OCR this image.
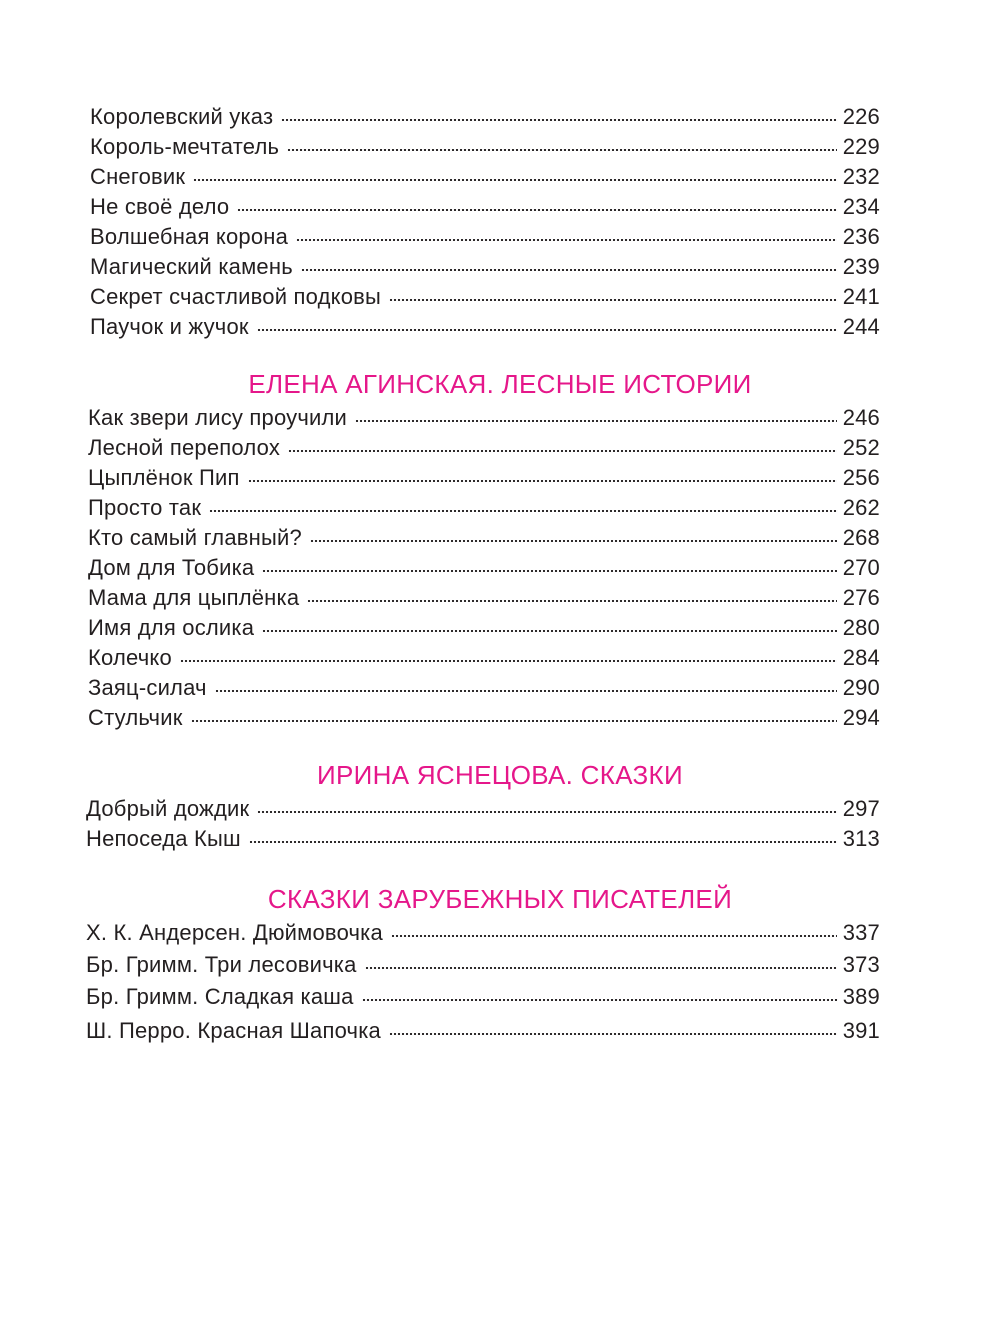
Королевский указ	226
Король-мечтатель	229
Снеговик	232
Не своё дело	234
Волшебная корона	236
Магический камень	239
Секрет счастливой подковы	241
Паучок и жучок	244
ЕЛЕНА АГИНСКАЯ. ЛЕСНЫЕ ИСТОРИИ
Как звери лису проучили	246
Лесной переполох	252
Цыплёнок Пип	256
Просто так	262
Кто самый главный?	268
Дом для Тобика	270
Мама для цыплёнка	276
Имя для ослика	280
Колечко	284
Заяц-силач	290
Стульчик	294
ИРИНА ЯСНЕЦОВА. СКАЗКИ
Добрый дождик	297
Непоседа Кыш	313
СКАЗКИ ЗАРУБЕЖНЫХ ПИСАТЕЛЕЙ
Х. К. Андерсен. Дюймовочка	337
Бр. Гримм. Три лесовичка	373
Бр. Гримм. Сладкая каша	389
Ш. Перро. Красная Шапочка	391
